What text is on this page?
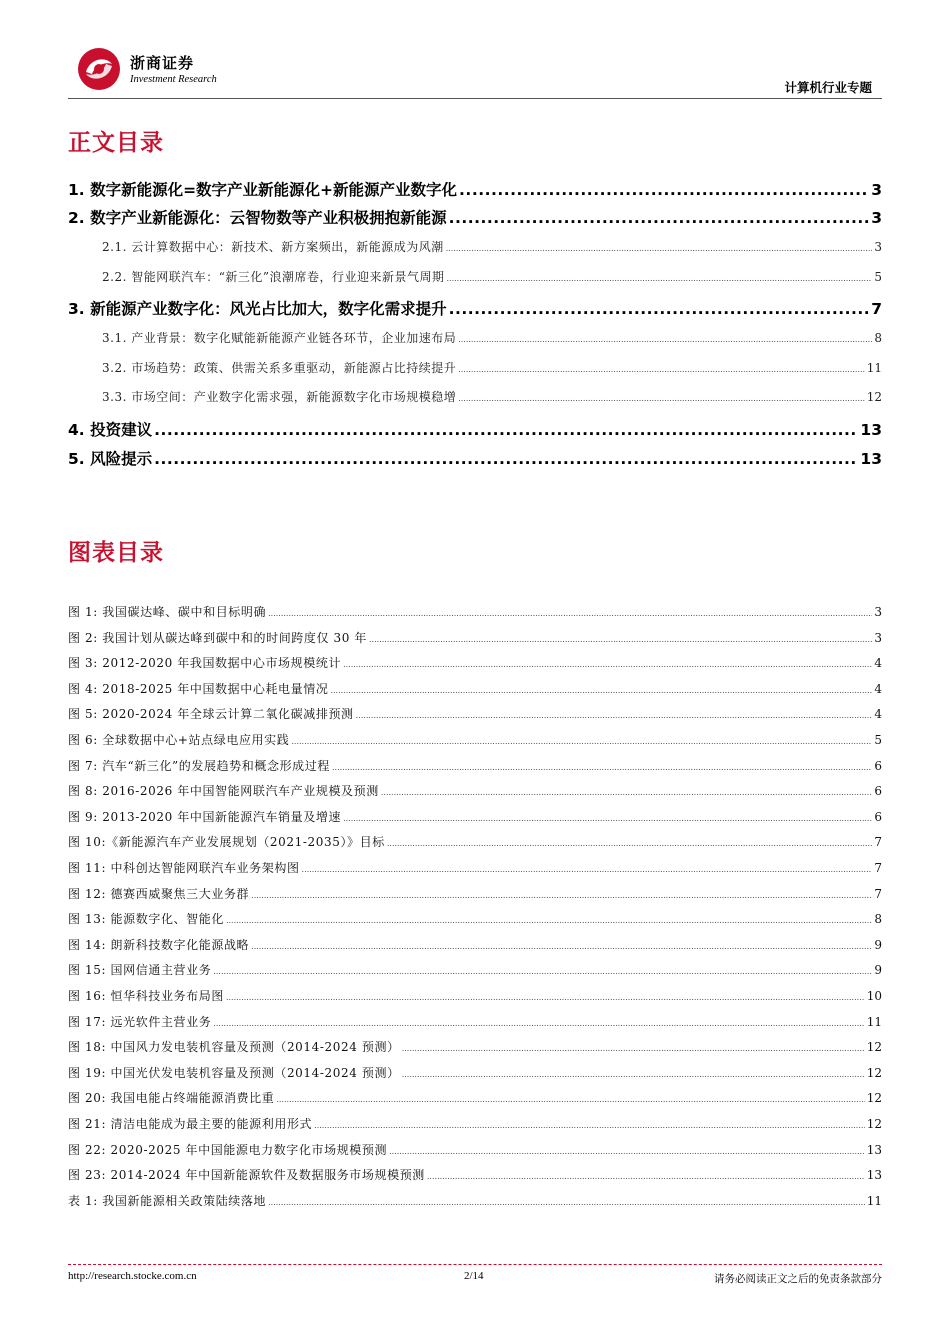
浙商证券
Investment Research
计算机行业专题
正文目录
1. 数字新能源化=数字产业新能源化+新能源产业数字化 .....	3
2. 数字产业新能源化：云智物数等产业积极拥抱新能源 .....	3
2.1. 云计算数据中心：新技术、新方案频出，新能源成为风潮 .....	3
2.2. 智能网联汽车：“新三化”浪潮席卷，行业迎来新景气周期 .....	5
3. 新能源产业数字化：风光占比加大，数字化需求提升 .....	7
3.1. 产业背景：数字化赋能新能源产业链各环节，企业加速布局 .....	8
3.2. 市场趋势：政策、供需关系多重驱动，新能源占比持续提升 .....	11
3.3. 市场空间：产业数字化需求强，新能源数字化市场规模稳增 .....	12
4. 投资建议 .....	13
5. 风险提示 .....	13
图表目录
图 1: 我国碳达峰、碳中和目标明确 .....	3
图 2: 我国计划从碳达峰到碳中和的时间跨度仅 30 年 .....	3
图 3: 2012-2020 年我国数据中心市场规模统计 .....	4
图 4: 2018-2025 年中国数据中心耗电量情况 .....	4
图 5: 2020-2024 年全球云计算二氧化碳减排预测 .....	4
图 6: 全球数据中心+站点绿电应用实践 .....	5
图 7: 汽车“新三化”的发展趋势和概念形成过程 .....	6
图 8: 2016-2026 年中国智能网联汽车产业规模及预测 .....	6
图 9: 2013-2020 年中国新能源汽车销量及增速 .....	6
图 10:《新能源汽车产业发展规划（2021-2035）》目标 .....	7
图 11: 中科创达智能网联汽车业务架构图 .....	7
图 12: 德赛西威聚焦三大业务群 .....	7
图 13: 能源数字化、智能化 .....	8
图 14: 朗新科技数字化能源战略 .....	9
图 15: 国网信通主营业务 .....	9
图 16: 恒华科技业务布局图 .....	10
图 17: 远光软件主营业务 .....	11
图 18: 中国风力发电装机容量及预测（2014-2024 预测） .....	12
图 19: 中国光伏发电装机容量及预测（2014-2024 预测） .....	12
图 20: 我国电能占终端能源消费比重 .....	12
图 21: 清洁电能成为最主要的能源利用形式 .....	12
图 22: 2020-2025 年中国能源电力数字化市场规模预测 .....	13
图 23: 2014-2024 年中国新能源软件及数据服务市场规模预测 .....	13
表 1: 我国新能源相关政策陆续落地 .....	11
http://research.stocke.com.cn	2/14	请务必阅读正文之后的免责条款部分
